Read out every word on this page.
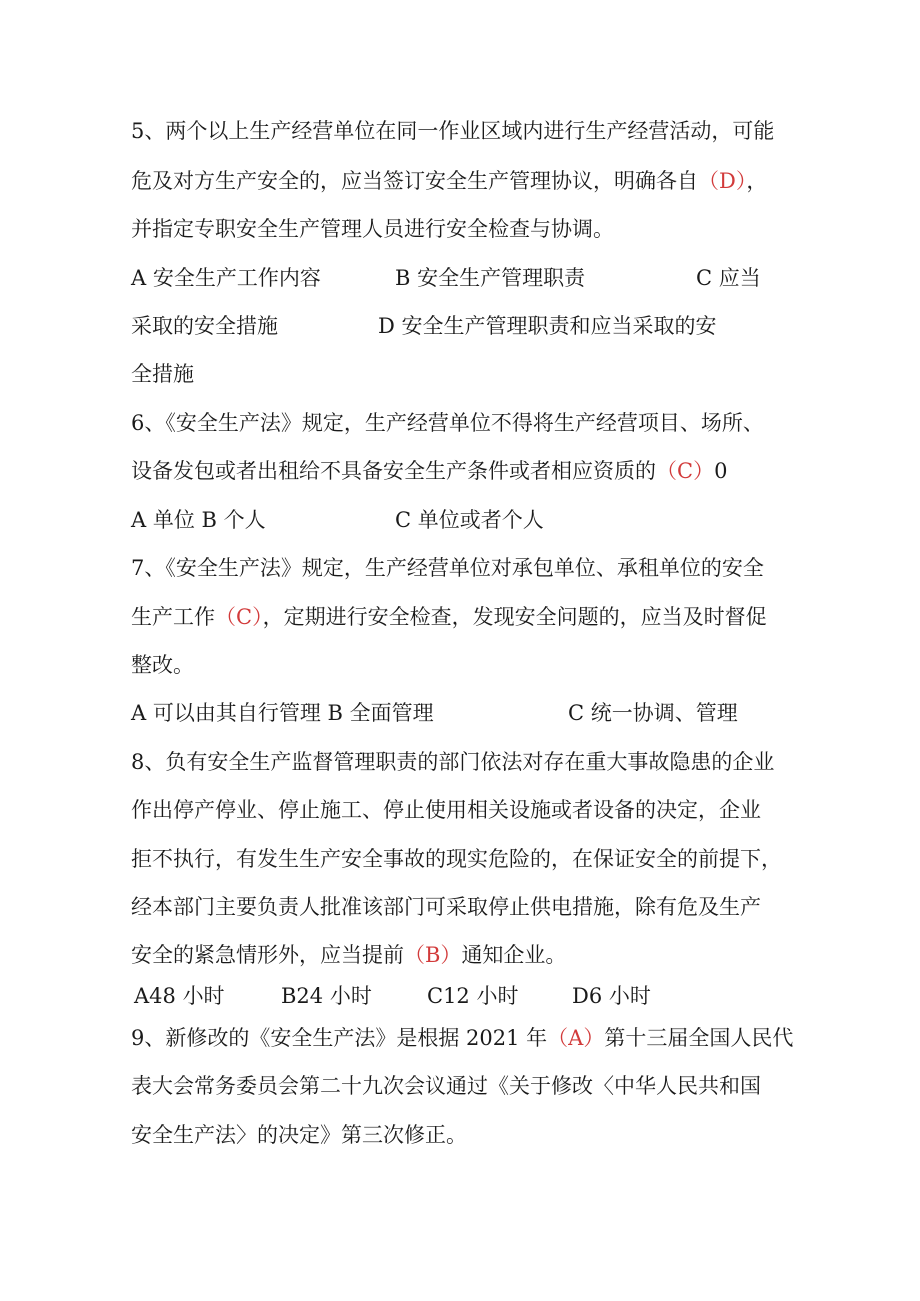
5、两个以上生产经营单位在同一作业区域内进行生产经营活动，可能
危及对方生产安全的，应当签订安全生产管理协议，明确各自（D），
并指定专职安全生产管理人员进行安全检查与协调。
A 安全生产工作内容	B 安全生产管理职责	C 应当
采取的安全措施	D 安全生产管理职责和应当采取的安
全措施
6、《安全生产法》规定，生产经营单位不得将生产经营项目、场所、
设备发包或者出租给不具备安全生产条件或者相应资质的（C）0
A 单位 B 个人	C 单位或者个人
7、《安全生产法》规定，生产经营单位对承包单位、承租单位的安全
生产工作（C），定期进行安全检查，发现安全问题的，应当及时督促
整改。
A 可以由其自行管理 B 全面管理	C 统一协调、管理
8、负有安全生产监督管理职责的部门依法对存在重大事故隐患的企业
作出停产停业、停止施工、停止使用相关设施或者设备的决定，企业
拒不执行，有发生生产安全事故的现实危险的，在保证安全的前提下，
经本部门主要负责人批准该部门可采取停止供电措施，除有危及生产
安全的紧急情形外，应当提前（B）通知企业。
A48 小时	B24 小时	C12 小时	D6 小时
9、新修改的《安全生产法》是根据 2021 年（A）第十三届全国人民代
表大会常务委员会第二十九次会议通过《关于修改〈中华人民共和国
安全生产法〉的决定》第三次修正。
